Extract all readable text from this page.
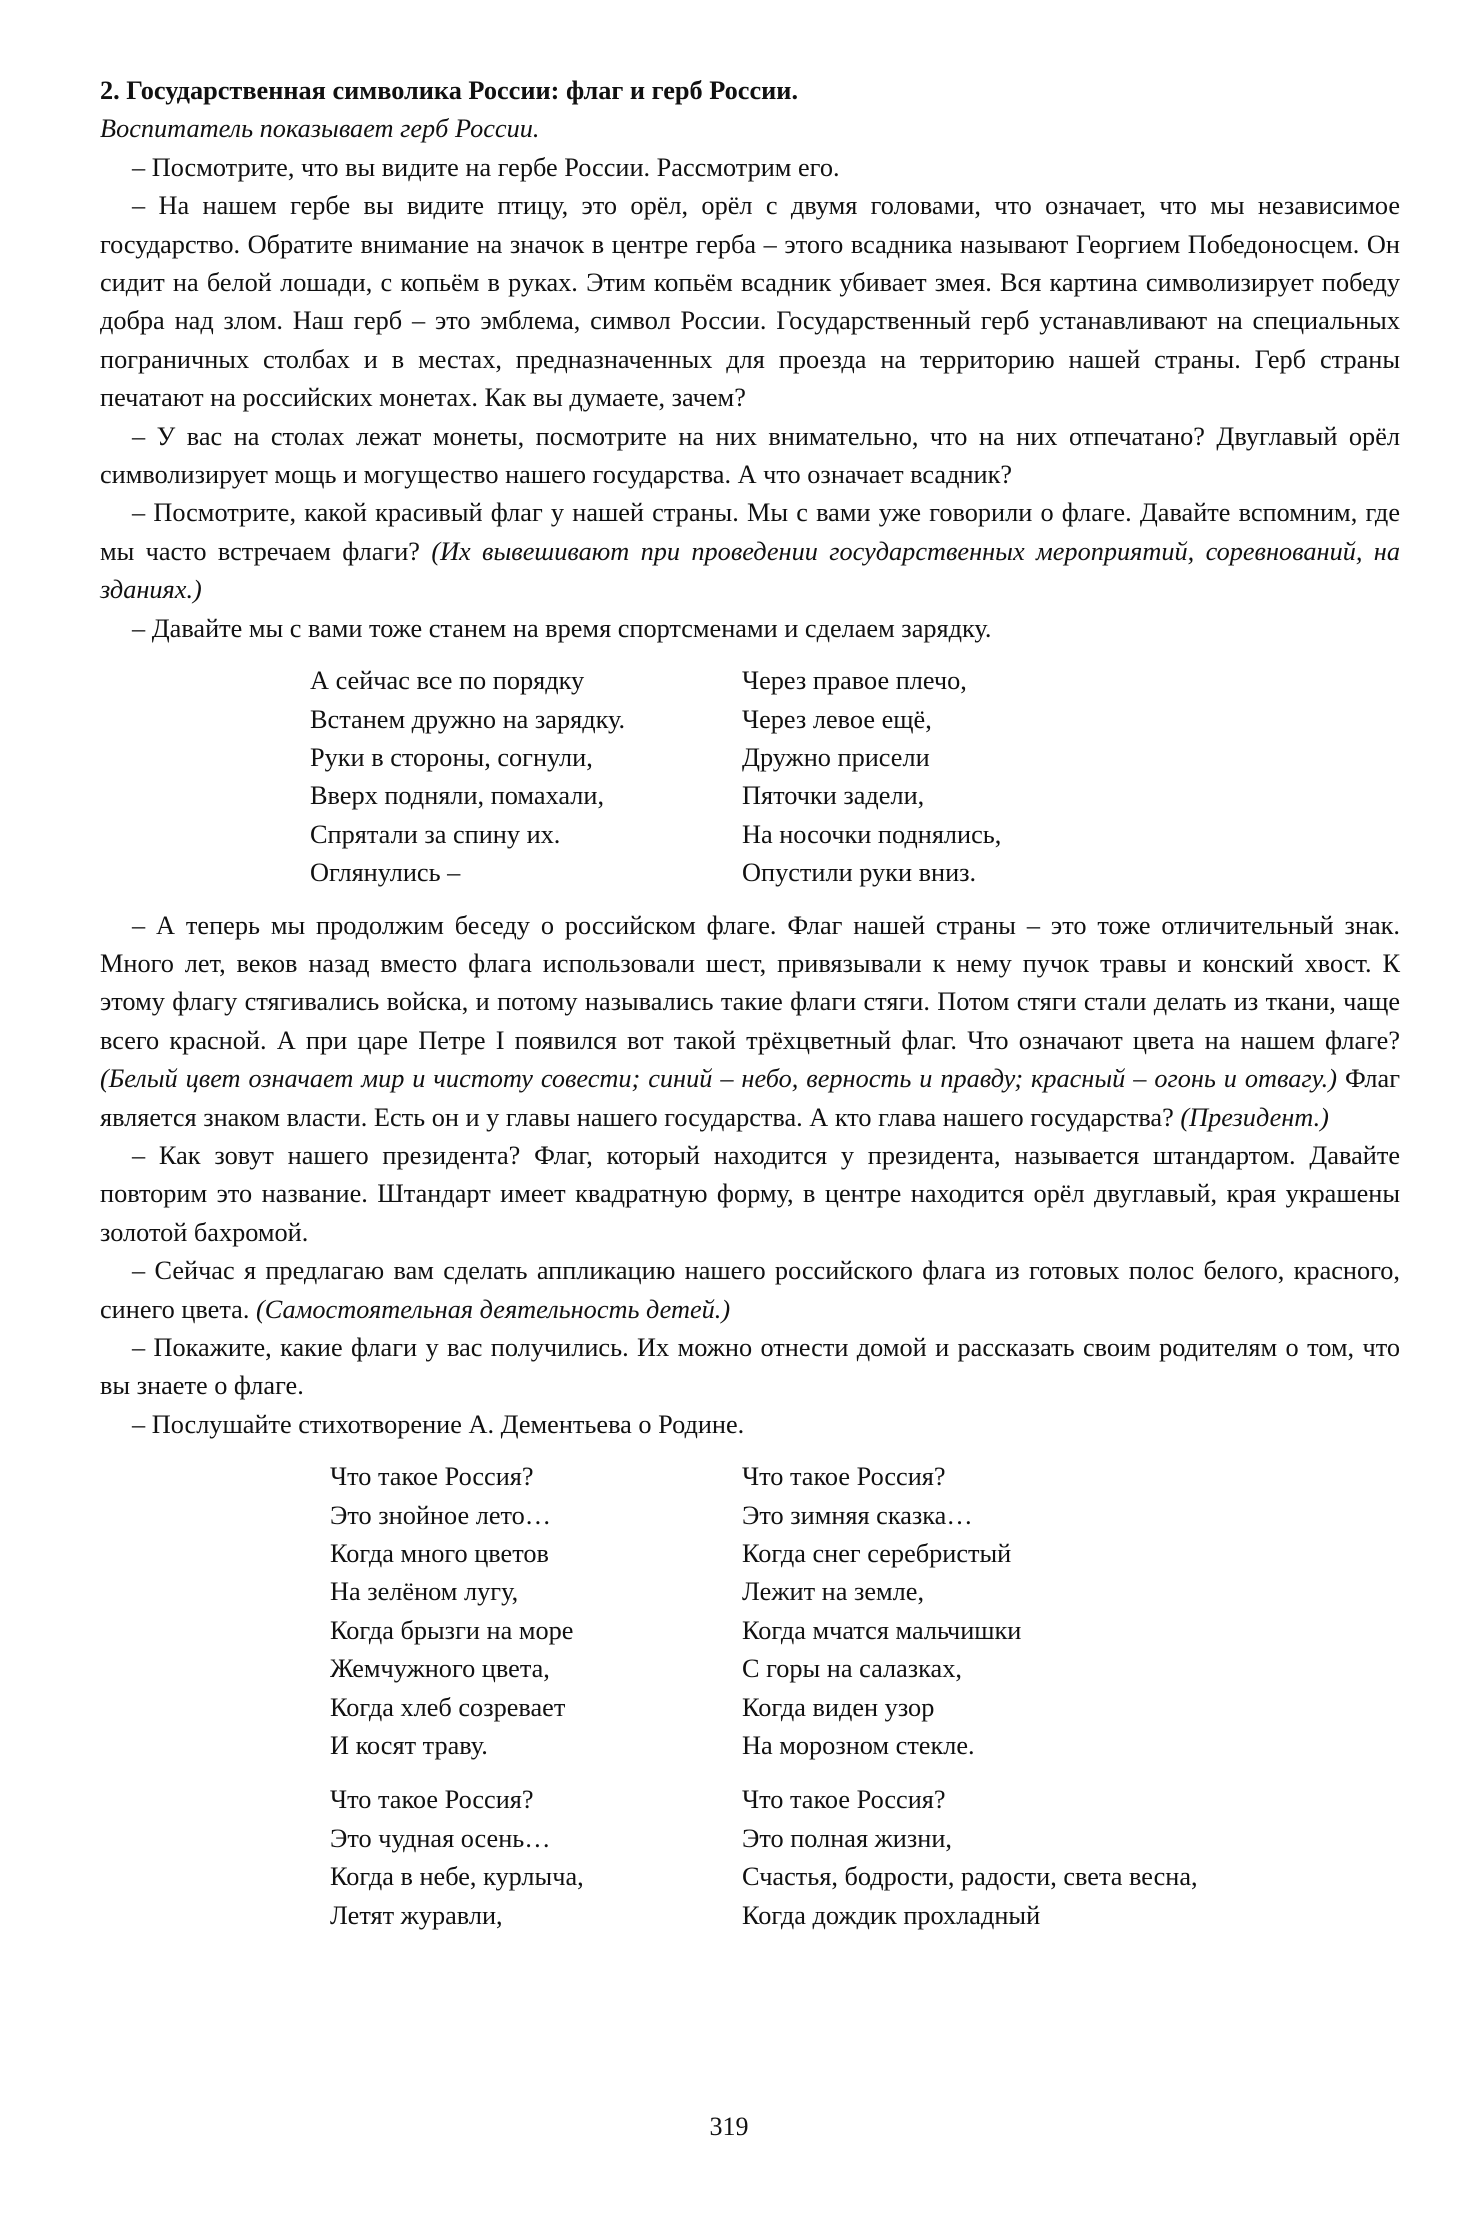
2. Государственная символика России: флаг и герб России.

Воспитатель показывает герб России.

– Посмотрите, что вы видите на гербе России. Рассмотрим его.

– На нашем гербе вы видите птицу, это орёл, орёл с двумя головами, что означает, что мы независимое государство. Обратите внимание на значок в центре герба – этого всадника называют Георгием Победоносцем. Он сидит на белой лошади, с копьём в руках. Этим копьём всадник убивает змея. Вся картина символизирует победу добра над злом. Наш герб – это эмблема, символ России. Государственный герб устанавливают на специальных пограничных столбах и в местах, предназначенных для проезда на территорию нашей страны. Герб страны печатают на российских монетах. Как вы думаете, зачем?

– У вас на столах лежат монеты, посмотрите на них внимательно, что на них отпечатано? Двуглавый орёл символизирует мощь и могущество нашего государства. А что означает всадник?

– Посмотрите, какой красивый флаг у нашей страны. Мы с вами уже говорили о флаге. Давайте вспомним, где мы часто встречаем флаги? (Их вывешивают при проведении государственных мероприятий, соревнований, на зданиях.)

– Давайте мы с вами тоже станем на время спортсменами и сделаем зарядку.

А сейчас все по порядку
Встанем дружно на зарядку.
Руки в стороны, согнули,
Вверх подняли, помахали,
Спрятали за спину их.
Оглянулись –
Через правое плечо,
Через левое ещё,
Дружно присели
Пяточки задели,
На носочки поднялись,
Опустили руки вниз.

– А теперь мы продолжим беседу о российском флаге. Флаг нашей страны – это тоже отличительный знак. Много лет, веков назад вместо флага использовали шест, привязывали к нему пучок травы и конский хвост. К этому флагу стягивались войска, и потому назывались такие флаги стяги. Потом стяги стали делать из ткани, чаще всего красной. А при царе Петре I появился вот такой трёхцветный флаг. Что означают цвета на нашем флаге? (Белый цвет означает мир и чистоту совести; синий – небо, верность и правду; красный – огонь и отвагу.) Флаг является знаком власти. Есть он и у главы нашего государства. А кто глава нашего государства? (Президент.)

– Как зовут нашего президента? Флаг, который находится у президента, называется штандартом. Давайте повторим это название. Штандарт имеет квадратную форму, в центре находится орёл двуглавый, края украшены золотой бахромой.

– Сейчас я предлагаю вам сделать аппликацию нашего российского флага из готовых полос белого, красного, синего цвета. (Самостоятельная деятельность детей.)

– Покажите, какие флаги у вас получились. Их можно отнести домой и рассказать своим родителям о том, что вы знаете о флаге.

– Послушайте стихотворение А. Дементьева о Родине.

Что такое Россия?
Это знойное лето…
Когда много цветов
На зелёном лугу,
Когда брызги на море
Жемчужного цвета,
Когда хлеб созревает
И косят траву.
Что такое Россия?
Это зимняя сказка…
Когда снег серебристый
Лежит на земле,
Когда мчатся мальчишки
С горы на салазках,
Когда виден узор
На морозном стекле.
Что такое Россия?
Это чудная осень…
Когда в небе, курлыча,
Летят журавли,
Что такое Россия?
Это полная жизни,
Счастья, бодрости, радости, света весна,
Когда дождик прохладный
319
